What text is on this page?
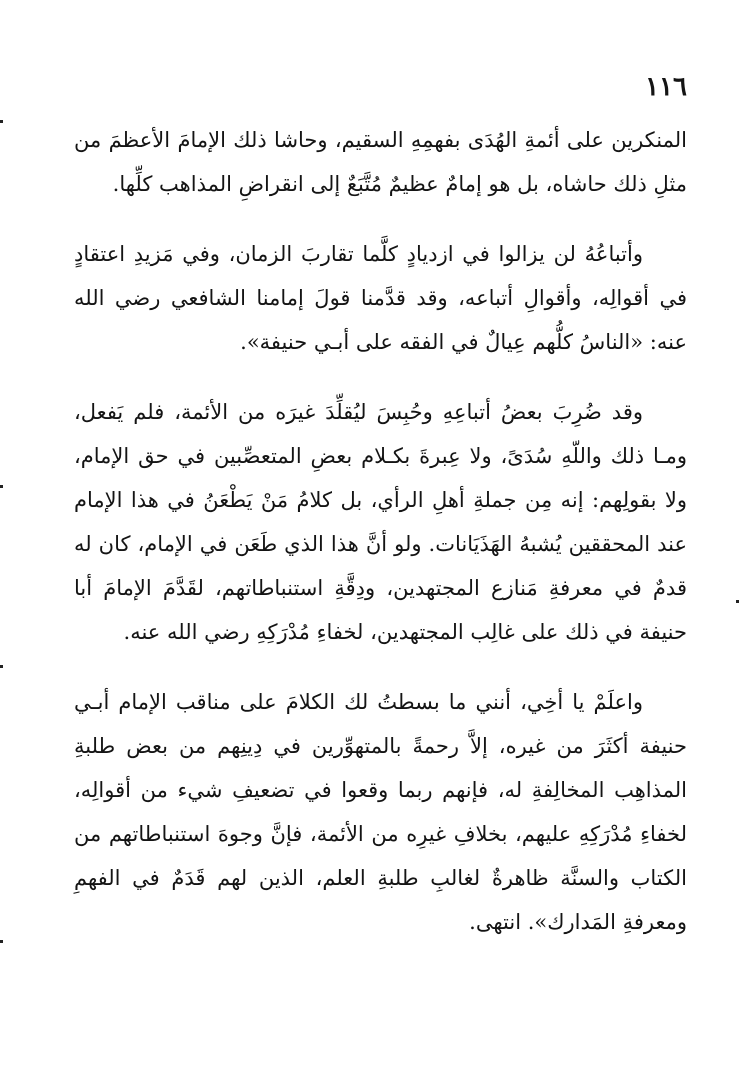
١١٦

المنكرين على أئمةِ الهُدَى بفهمِهِ السقيم، وحاشا ذلك الإمامَ الأعظمَ من مثلِ ذلك حاشاه، بل هو إمامٌ عظيمٌ مُتَّبَعٌ إلى انقراضِ المذاهب كلِّها.

وأتباعُهُ لن يزالوا في ازديادٍ كلَّما تقاربَ الزمان، وفي مَزيدِ اعتقادٍ في أقوالِه، وأقوالِ أتباعه، وقد قدَّمنا قولَ إمامنا الشافعي رضي الله عنه: «الناسُ كلُّهم عِيالٌ في الفقه على أبـي حنيفة».

وقد ضُرِبَ بعضُ أتباعِهِ وحُبِسَ ليُقلِّدَ غيرَه من الأئمة، فلم يَفعل، ومـا ذلك واللّهِ سُدَىً، ولا عِبرةَ بكـلام بعضِ المتعصِّبين في حق الإمام، ولا بقولِهم: إنه مِن جملةِ أهلِ الرأي، بل كلامُ مَنْ يَطْعَنُ في هذا الإمام عند المحققين يُشبهُ الهَذَيَانات. ولو أنَّ هذا الذي طَعَن في الإمام، كان له قدمٌ في معرفةِ مَنازع المجتهدين، ودِقَّةِ استنباطاتهم، لقَدَّمَ الإمامَ أبا حنيفة في ذلك على غالِب المجتهدين، لخفاءِ مُدْرَكِهِ رضي الله عنه.

واعلَمْ يا أخِي، أنني ما بسطتُ لك الكلامَ على مناقب الإمام أبـي حنيفة أكثَرَ من غيره، إلاَّ رحمةً بالمتهوِّرين في دِينِهم من بعض طلبةِ المذاهِب المخالِفةِ له، فإنهم ربما وقعوا في تضعيفِ شيء من أقوالِه، لخفاءِ مُدْرَكِهِ عليهم، بخلافِ غيرِه من الأئمة، فإنَّ وجوهَ استنباطاتهم من الكتاب والسنَّة ظاهرةٌ لغالبِ طلبةِ العلم، الذين لهم قَدَمٌ في الفهمِ ومعرفةِ المَدارك». انتهى.
